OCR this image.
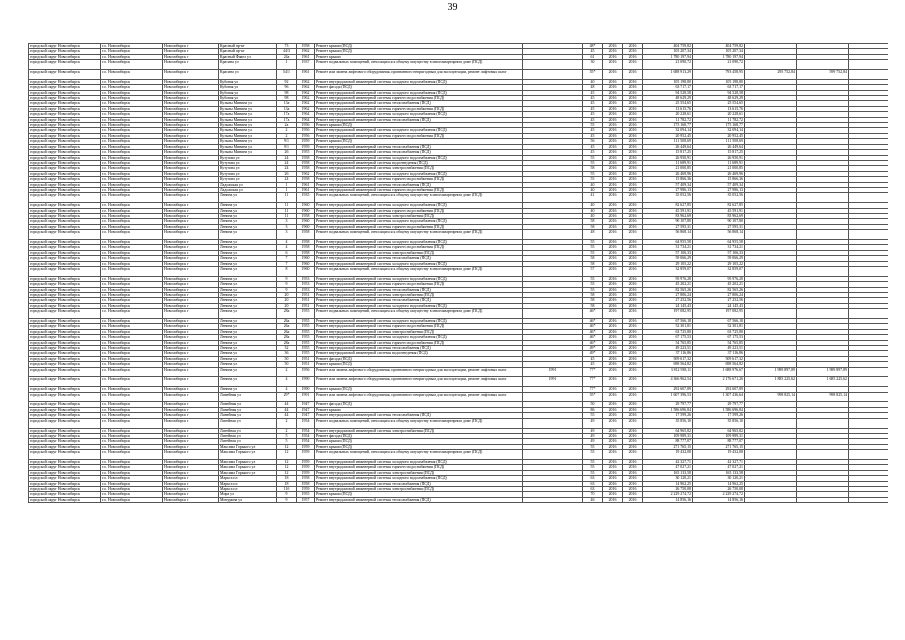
39
городской округ Новосибирск	г.о. Новосибирск	Новосибирск г	Красный пр-кт	73	1958	Ремонт крыши (ПСД)		48*	2016	2016	404 759,82	404 759,82			
городской округ Новосибирск	г.о. Новосибирск	Новосибирск г	Красный пр-кт	44/3	1962	Ремонт крыши (ПСД)		45	2016	2016	105 207,34	105 207,34			
городской округ Новосибирск	г.о. Новосибирск	Новосибирск г	Красный Факел ул	24а	1961	Ремонт крыши		61	2016	2016	1 780 197,94	1 780 197,94			
городской округ Новосибирск	г.о. Новосибирск	Новосибирск г	Красина ул	1	1937	Ремонт подвальных помещений, относящихся к общему имуществу в многоквартирном доме (ПСД)		30	2016	2016	21 090,72	21 090,72			
городской округ Новосибирск	г.о. Новосибирск	Новосибирск г	Красина ул	54/1	1961	Ремонт или замена лифтового оборудования, признанного непригодным для эксплуатации, ремонт лифтовых шахт		55*	2016	2016	1 688 913,29	793 458,95	295 752,84	599 752,84	
городской округ Новосибирск	г.о. Новосибирск	Новосибирск г	Кубовая ул	92	1962	Ремонт внутридомовой инженерной системы холодного водоснабжения (ПСД)		40	2016	2016	105 198,80	105 198,80			
городской округ Новосибирск	г.о. Новосибирск	Новосибирск г	Кубовая ул	96	1962	Ремонт фасада (ПСД)		48	2016	2016	63 717,17	63 717,17			
городской округ Новосибирск	г.о. Новосибирск	Новосибирск г	Кубовая ул	98	1962	Ремонт внутридомовой инженерной системы холодного водоснабжения (ПСД)		45	2016	2016	94 528,58	94 528,58			
городской округ Новосибирск	г.о. Новосибирск	Новосибирск г	Кубовая ул	98	1962	Ремонт внутридомовой инженерной системы горячего водоснабжения (ПСД)		45	2016	2016	48 629,29	48 629,29			
городской округ Новосибирск	г.о. Новосибирск	Новосибирск г	Кузьмы Минина ул	13а	1962	Ремонт внутридомовой инженерной системы теплоснабжения (ПСД)		45	2016	2016	25 554,65	25 554,65			
городской округ Новосибирск	г.о. Новосибирск	Новосибирск г	Кузьмы Минина ул	13а	1962	Ремонт внутридомовой инженерной системы горячего водоснабжения (ПСД)		45	2016	2016	13 615,76	13 615,76			
городской округ Новосибирск	г.о. Новосибирск	Новосибирск г	Кузьмы Минина ул	17а	1964	Ремонт внутридомовой инженерной системы холодного водоснабжения (ПСД)		45	2016	2016	20 228,61	20 228,61			
городской округ Новосибирск	г.о. Новосибирск	Новосибирск г	Кузьмы Минина ул	17а	1964	Ремонт внутридомовой инженерной системы теплоснабжения (ПСД)		45	2016	2016	11 782,72	11 782,72			
городской округ Новосибирск	г.о. Новосибирск	Новосибирск г	Кузьмы Минина ул	2а	1956	Ремонт крыши (ПСД)		55	2016	2016	175 168,77	175 168,77			
городской округ Новосибирск	г.о. Новосибирск	Новосибирск г	Кузьмы Минина ул	2	1956	Ремонт внутридомовой инженерной системы холодного водоснабжения (ПСД)		45	2016	2016	32 094,14	32 094,14			
городской округ Новосибирск	г.о. Новосибирск	Новосибирск г	Кузьмы Минина ул	2	1956	Ремонт внутридомовой инженерной системы горячего водоснабжения (ПСД)		45	2016	2016	20 952,45	20 952,45			
городской округ Новосибирск	г.о. Новосибирск	Новосибирск г	Кузьмы Минина ул	9/1	1959	Ремонт крыши (ПСД)		56	2016	2016	111 508,69	111 508,69			
городской округ Новосибирск	г.о. Новосибирск	Новосибирск г	Кузьмы Минина ул	9/1	1959	Ремонт внутридомовой инженерной системы теплоснабжения (ПСД)		45	2016	2016	26 449,64	26 449,64			
городской округ Новосибирск	г.о. Новосибирск	Новосибирск г	Кузьмы Минина ул	26	1955	Ремонт внутридомовой инженерной системы теплоснабжения (ПСД)		45	2016	2016	15 817,25	15 817,25			
городской округ Новосибирск	г.о. Новосибирск	Новосибирск г	Кутузова ул	24	1958	Ремонт внутридомовой инженерной системы холодного водоснабжения (ПСД)		55	2016	2016	26 950,91	26 950,91			
городской округ Новосибирск	г.о. Новосибирск	Новосибирск г	Кутузова ул	24	1958	Ремонт внутридомовой инженерной системы водоотведения (ПСД)		55	2016	2016	11 689,91	11 689,91			
городской округ Новосибирск	г.о. Новосибирск	Новосибирск г	Кутузова ул	24	1958	Ремонт внутридомовой инженерной системы электроснабжения (ПСД)		58	2016	2016	21 000,85	21 000,85			
городской округ Новосибирск	г.о. Новосибирск	Новосибирск г	Кутузова ул	26	1962	Ремонт внутридомовой инженерной системы холодного водоснабжения (ПСД)		55	2016	2016	26 469,96	26 469,96			
городской округ Новосибирск	г.о. Новосибирск	Новосибирск г	Кутузова ул	24	1958	Ремонт внутридомовой инженерной системы горячего водоснабжения (ПСД)		55	2016	2016	15 866,36	15 866,36			
городской округ Новосибирск	г.о. Новосибирск	Новосибирск г	Ладожская ул	1	1961	Ремонт внутридомовой инженерной системы теплоснабжения (ПСД)		40	2016	2016	57 409,34	57 409,34			
городской округ Новосибирск	г.о. Новосибирск	Новосибирск г	Ладожская ул	1	1961	Ремонт внутридомовой инженерной системы горячего водоснабжения (ПСД)		40	2016	2016	27 986,13	27 986,13			
городской округ Новосибирск	г.о. Новосибирск	Новосибирск г	Ленина ул	11	1935	Ремонт подвальных помещений, относящихся к общему имуществу в многоквартирном доме (ПСД)		41	2016	2016	35 052,56	35 052,56			
городской округ Новосибирск	г.о. Новосибирск	Новосибирск г	Ленина ул	11	1960	Ремонт внутридомовой инженерной системы холодного водоснабжения (ПСД)		40	2016	2016	82 627,85	82 627,85			
городской округ Новосибирск	г.о. Новосибирск	Новосибирск г	Ленина ул	11	1960	Ремонт внутридомовой инженерной системы горячего водоснабжения (ПСД)		40	2016	2016	45 591,91	45 591,91			
городской округ Новосибирск	г.о. Новосибирск	Новосибирск г	Ленина ул	11	1958	Ремонт внутридомовой инженерной системы электроснабжения (ПСД)		40	2016	2016	83 962,69	83 962,69			
городской округ Новосибирск	г.о. Новосибирск	Новосибирск г	Ленина ул	3	1960	Ремонт внутридомовой инженерной системы холодного водоснабжения (ПСД)		58	2016	2016	90 107,80	90 107,80			
городской округ Новосибирск	г.о. Новосибирск	Новосибирск г	Ленина ул	3	1960	Ремонт внутридомовой инженерной системы горячего водоснабжения (ПСД)		58	2016	2016	27 595,31	27 595,31			
городской округ Новосибирск	г.о. Новосибирск	Новосибирск г	Ленина ул	3	1958	Ремонт подвальных помещений, относящихся к общему имуществу в многоквартирном доме (ПСД)		48	2016	2016	56 868,14	56 868,14			
городской округ Новосибирск	г.о. Новосибирск	Новосибирск г	Ленина ул	4	1958	Ремонт внутридомовой инженерной системы холодного водоснабжения (ПСД)		55	2016	2016	64 955,58	64 955,58			
городской округ Новосибирск	г.о. Новосибирск	Новосибирск г	Ленина ул	4	1958	Ремонт внутридомовой инженерной системы горячего водоснабжения (ПСД)		55	2016	2016	31 734,21	31 734,21			
городской округ Новосибирск	г.о. Новосибирск	Новосибирск г	Ленина ул	6	1958	Ремонт внутридомовой инженерной системы электроснабжения (ПСД)		55	2016	2016	57 106,33	57 106,33			
городской округ Новосибирск	г.о. Новосибирск	Новосибирск г	Ленина ул	7	1960	Ремонт внутридомовой инженерной системы теплоснабжения (ПСД)		58	2016	2016	59 066,29	59 066,29			
городской округ Новосибирск	г.о. Новосибирск	Новосибирск г	Ленина ул	7	1960	Ремонт внутридомовой инженерной системы холодного водоснабжения (ПСД)		58	2016	2016	29 105,22	29 105,22			
городской округ Новосибирск	г.о. Новосибирск	Новосибирск г	Ленина ул	8	1960	Ремонт подвальных помещений, относящихся к общему имуществу в многоквартирном доме (ПСД)		57	2016	2016	32 859,07	32 859,07			
городской округ Новосибирск	г.о. Новосибирск	Новосибирск г	Ленина ул	9	1953	Ремонт внутридомовой инженерной системы холодного водоснабжения (ПСД)		55	2016	2016	95 976,28	95 976,28			
городской округ Новосибирск	г.о. Новосибирск	Новосибирск г	Ленина ул	9	1953	Ремонт внутридомовой инженерной системы горячего водоснабжения (ПСД)		55	2016	2016	45 202,21	45 202,21			
городской округ Новосибирск	г.о. Новосибирск	Новосибирск г	Ленина ул	9	1953	Ремонт внутридомовой инженерной системы теплоснабжения (ПСД)		55	2016	2016	82 565,26	82 565,26			
городской округ Новосибирск	г.о. Новосибирск	Новосибирск г	Ленина ул	20	1951	Ремонт внутридомовой инженерной системы электроснабжения (ПСД)		58	2016	2016	27 806,24	27 806,24			
городской округ Новосибирск	г.о. Новосибирск	Новосибирск г	Ленина ул	20	1951	Ремонт внутридомовой инженерной системы теплоснабжения (ПСД)		58	2016	2016	27 252,56	27 252,56			
городской округ Новосибирск	г.о. Новосибирск	Новосибирск г	Ленина ул	20	1951	Ремонт внутридомовой инженерной системы холодного водоснабжения (ПСД)		58	2016	2016	24 145,43	24 145,43			
городской округ Новосибирск	г.о. Новосибирск	Новосибирск г	Ленина ул	28а	1955	Ремонт подвальных помещений, относящихся к общему имуществу в многоквартирном доме (ПСД)		46*	2016	2016	197 082,95	197 082,95			
городской округ Новосибирск	г.о. Новосибирск	Новосибирск г	Ленина ул	26а	1955	Ремонт внутридомовой инженерной системы холодного водоснабжения (ПСД)		46*	2016	2016	67 566,18	67 566,18			
городской округ Новосибирск	г.о. Новосибирск	Новосибирск г	Ленина ул	26а	1955	Ремонт внутридомовой инженерной системы горячего водоснабжения (ПСД)		46*	2016	2016	52 301,81	52 301,81			
городской округ Новосибирск	г.о. Новосибирск	Новосибирск г	Ленина ул	26а	1955	Ремонт внутридомовой инженерной системы электроснабжения (ПСД)		46*	2016	2016	63 725,80	63 725,80			
городской округ Новосибирск	г.о. Новосибирск	Новосибирск г	Ленина ул	28а	1955	Ремонт внутридомовой инженерной системы холодного водоснабжения (ПСД)		46*	2016	2016	67 175,53	67 175,53			
городской округ Новосибирск	г.о. Новосибирск	Новосибирск г	Ленина ул	28а	1955	Ремонт внутридомовой инженерной системы горячего водоснабжения (ПСД)		46*	2016	2016	54 765,85	54 765,85			
городской округ Новосибирск	г.о. Новосибирск	Новосибирск г	Ленина ул	32	1955	Ремонт внутридомовой инженерной системы теплоснабжения (ПСД)		49*	2016	2016	49 223,51	49 223,51			
городской округ Новосибирск	г.о. Новосибирск	Новосибирск г	Ленина ул	36	1955	Ремонт внутридомовой инженерной системы водоотведения (ПСД)		49*	2016	2016	37 116,86	37 116,86			
городской округ Новосибирск	г.о. Новосибирск	Новосибирск г	Ленина ул	50	1951	Ремонт фасада (ПСД)		45	2016	2016	509 617,32	509 617,32			
городской округ Новосибирск	г.о. Новосибирск	Новосибирск г	Ленина ул	50	1951	Ремонт крыши (ПСД)		45	2016	2016	698 564,82	698 564,82			
городской округ Новосибирск	г.о. Новосибирск	Новосибирск г	Ленина ул	2	1956	Ремонт или замена лифтового оборудования, признанного непригодным для эксплуатации, ремонт лифтовых шахт	1991	77*	2016	2016	3 812 938,11	1 688 976,67	1 989 897,89	1 989 897,89	
городской округ Новосибирск	г.о. Новосибирск	Новосибирск г	Ленина ул	4	1990	Ремонт или замена лифтового оборудования, признанного непригодным для эксплуатации, ремонт лифтовых шахт	1991	77*	2016	2016	4 366 962,54	2 176 671,26	1 885 225,62	1 685 225,62	
городской округ Новосибирск	г.о. Новосибирск	Новосибирск г	Ленина ул	4	1990	Ремонт крыши (ПСД)		77*	2016	2016	292 607,89	292 607,89			
городской округ Новосибирск	г.о. Новосибирск	Новосибирск г	Линейная ул	29*	1991	Ремонт или замена лифтового оборудования, признанного непригодным для эксплуатации, ремонт лифтовых шахт		55*	2016	2016	1 607 396,53	1 307 436,64	998 825,14	998 825,14	
городской округ Новосибирск	г.о. Новосибирск	Новосибирск г	Линейная ул	44	1947	Ремонт фасада (ПСД)		50	2016	2016	29 797,77	29 797,77			
городской округ Новосибирск	г.о. Новосибирск	Новосибирск г	Линейная ул	44	1947	Ремонт крыши		86	2016	2016	1 586 696,84	1 586 696,84			
городской округ Новосибирск	г.о. Новосибирск	Новосибирск г	Линейная ул	44	1947	Ремонт внутридомовой инженерной системы теплоснабжения (ПСД)		55	2016	2016	17 599,26	17 599,26			
городской округ Новосибирск	г.о. Новосибирск	Новосибирск г	Литейная ул	2	1954	Ремонт подвальных помещений, относящихся к общему имуществу в многоквартирном доме (ПСД)		49	2016	2016	35 856,10	35 856,10			
городской округ Новосибирск	г.о. Новосибирск	Новосибирск г	Литейная ул	2	1954	Ремонт внутридомовой инженерной системы электроснабжения (ПСД)		49	2016	2016	64 965,82	64 965,82			
городской округ Новосибирск	г.о. Новосибирск	Новосибирск г	Литейная ул	5	1954	Ремонт фасада (ПСД)		49	2016	2016	109 989,31	109 989,31			
городской округ Новосибирск	г.о. Новосибирск	Новосибирск г	Литейная ул	5	1954	Ремонт крыши (ПСД)		49	2016	2016	88 777,07	88 777,07			
городской округ Новосибирск	г.о. Новосибирск	Новосибирск г	Максима Горького ул	12	1959	Ремонт крыши (ПСД)		55	2016	2016	271 765,15	271 765,15			
городской округ Новосибирск	г.о. Новосибирск	Новосибирск г	Максима Горького ул	12	1959	Ремонт подвальных помещений, относящихся к общему имуществу в многоквартирном доме (ПСД)		55	2016	2016	19 432,08	19 432,08			
городской округ Новосибирск	г.о. Новосибирск	Новосибирск г	Максима Горького ул	12	1959	Ремонт внутридомовой инженерной системы холодного водоснабжения (ПСД)		55	2016	2016	42 327,71	42 327,71			
городской округ Новосибирск	г.о. Новосибирск	Новосибирск г	Максима Горького ул	12	1959	Ремонт внутридомовой инженерной системы горячего водоснабжения (ПСД)		55	2016	2016	47 027,21	47 027,21			
городской округ Новосибирск	г.о. Новосибирск	Новосибирск г	Максима Горького ул	12	1959	Ремонт внутридомовой инженерной системы электроснабжения (ПСД)		55	2016	2016	165 133,58	165 133,58			
городской округ Новосибирск	г.о. Новосибирск	Новосибирск г	Маркса пл	18	1958	Ремонт внутридомовой инженерной системы холодного водоснабжения (ПСД)		63	2016	2016	30 120,21	30 120,21			
городской округ Новосибирск	г.о. Новосибирск	Новосибирск г	Маркса пл	18	1958	Ремонт внутридомовой инженерной системы теплоснабжения (ПСД)		63	2016	2016	14 962,25	14 962,25			
городской округ Новосибирск	г.о. Новосибирск	Новосибирск г	Маркса пл	11б	1959	Ремонт внутридомовой инженерной системы электроснабжения (ПСД)		63	2016	2016	26 750,08	26 750,08			
городской округ Новосибирск	г.о. Новосибирск	Новосибирск г	Мира ул	9	1955	Ремонт крыши (ПСД)		70	2016	2016	2 229 274,72	2 229 274,72			
городской округ Новосибирск	г.о. Новосибирск	Новосибирск г	Мичурина ул	9	1957	Ремонт внутридомовой инженерной системы теплоснабжения (ПСД)		46	2016	2016	14 856,16	14 856,16			
